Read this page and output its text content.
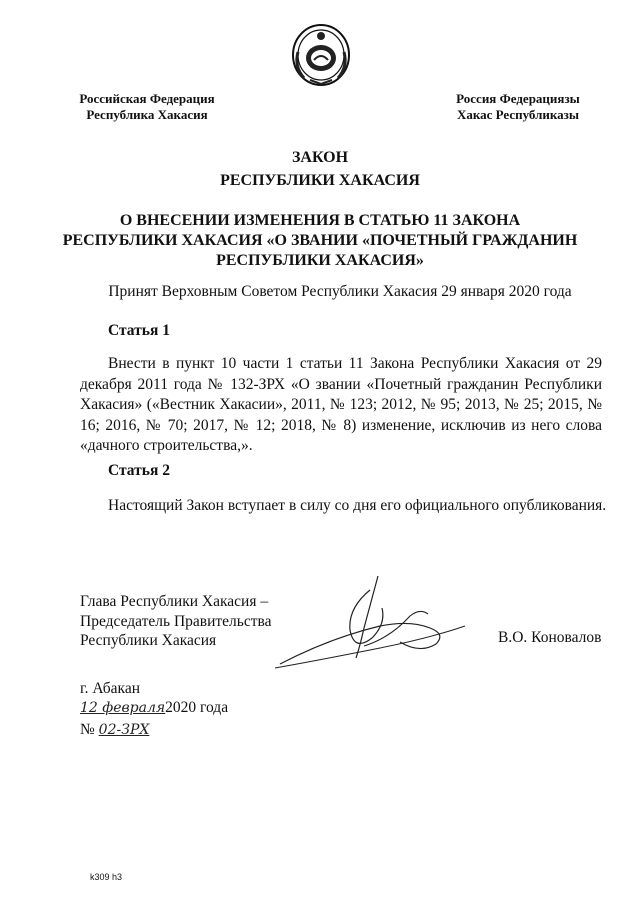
Российская Федерация
Республика Хакасия
Россия Федерациязы
Хакас Республиказы
ЗАКОН
РЕСПУБЛИКИ ХАКАСИЯ
О ВНЕСЕНИИ ИЗМЕНЕНИЯ В СТАТЬЮ 11 ЗАКОНА
РЕСПУБЛИКИ ХАКАСИЯ «О ЗВАНИИ «ПОЧЕТНЫЙ ГРАЖДАНИН
РЕСПУБЛИКИ ХАКАСИЯ»
Принят Верховным Советом Республики Хакасия 29 января 2020 года
Статья 1
Внести в пункт 10 части 1 статьи 11 Закона Республики Хакасия от 29 декабря 2011 года № 132-ЗРХ «О звании «Почетный гражданин Республики Хакасия» («Вестник Хакасии», 2011, № 123; 2012, № 95; 2013, № 25; 2015, № 16; 2016, № 70; 2017, № 12; 2018, № 8) изменение, исключив из него слова «дачного строительства,».
Статья 2
Настоящий Закон вступает в силу со дня его официального опубликования.
Глава Республики Хакасия –
Председатель Правительства
Республики Хакасия	В.О. Коновалов
г. Абакан
12 февраля2020 года
№ 02-ЗРХ
k309 h3
